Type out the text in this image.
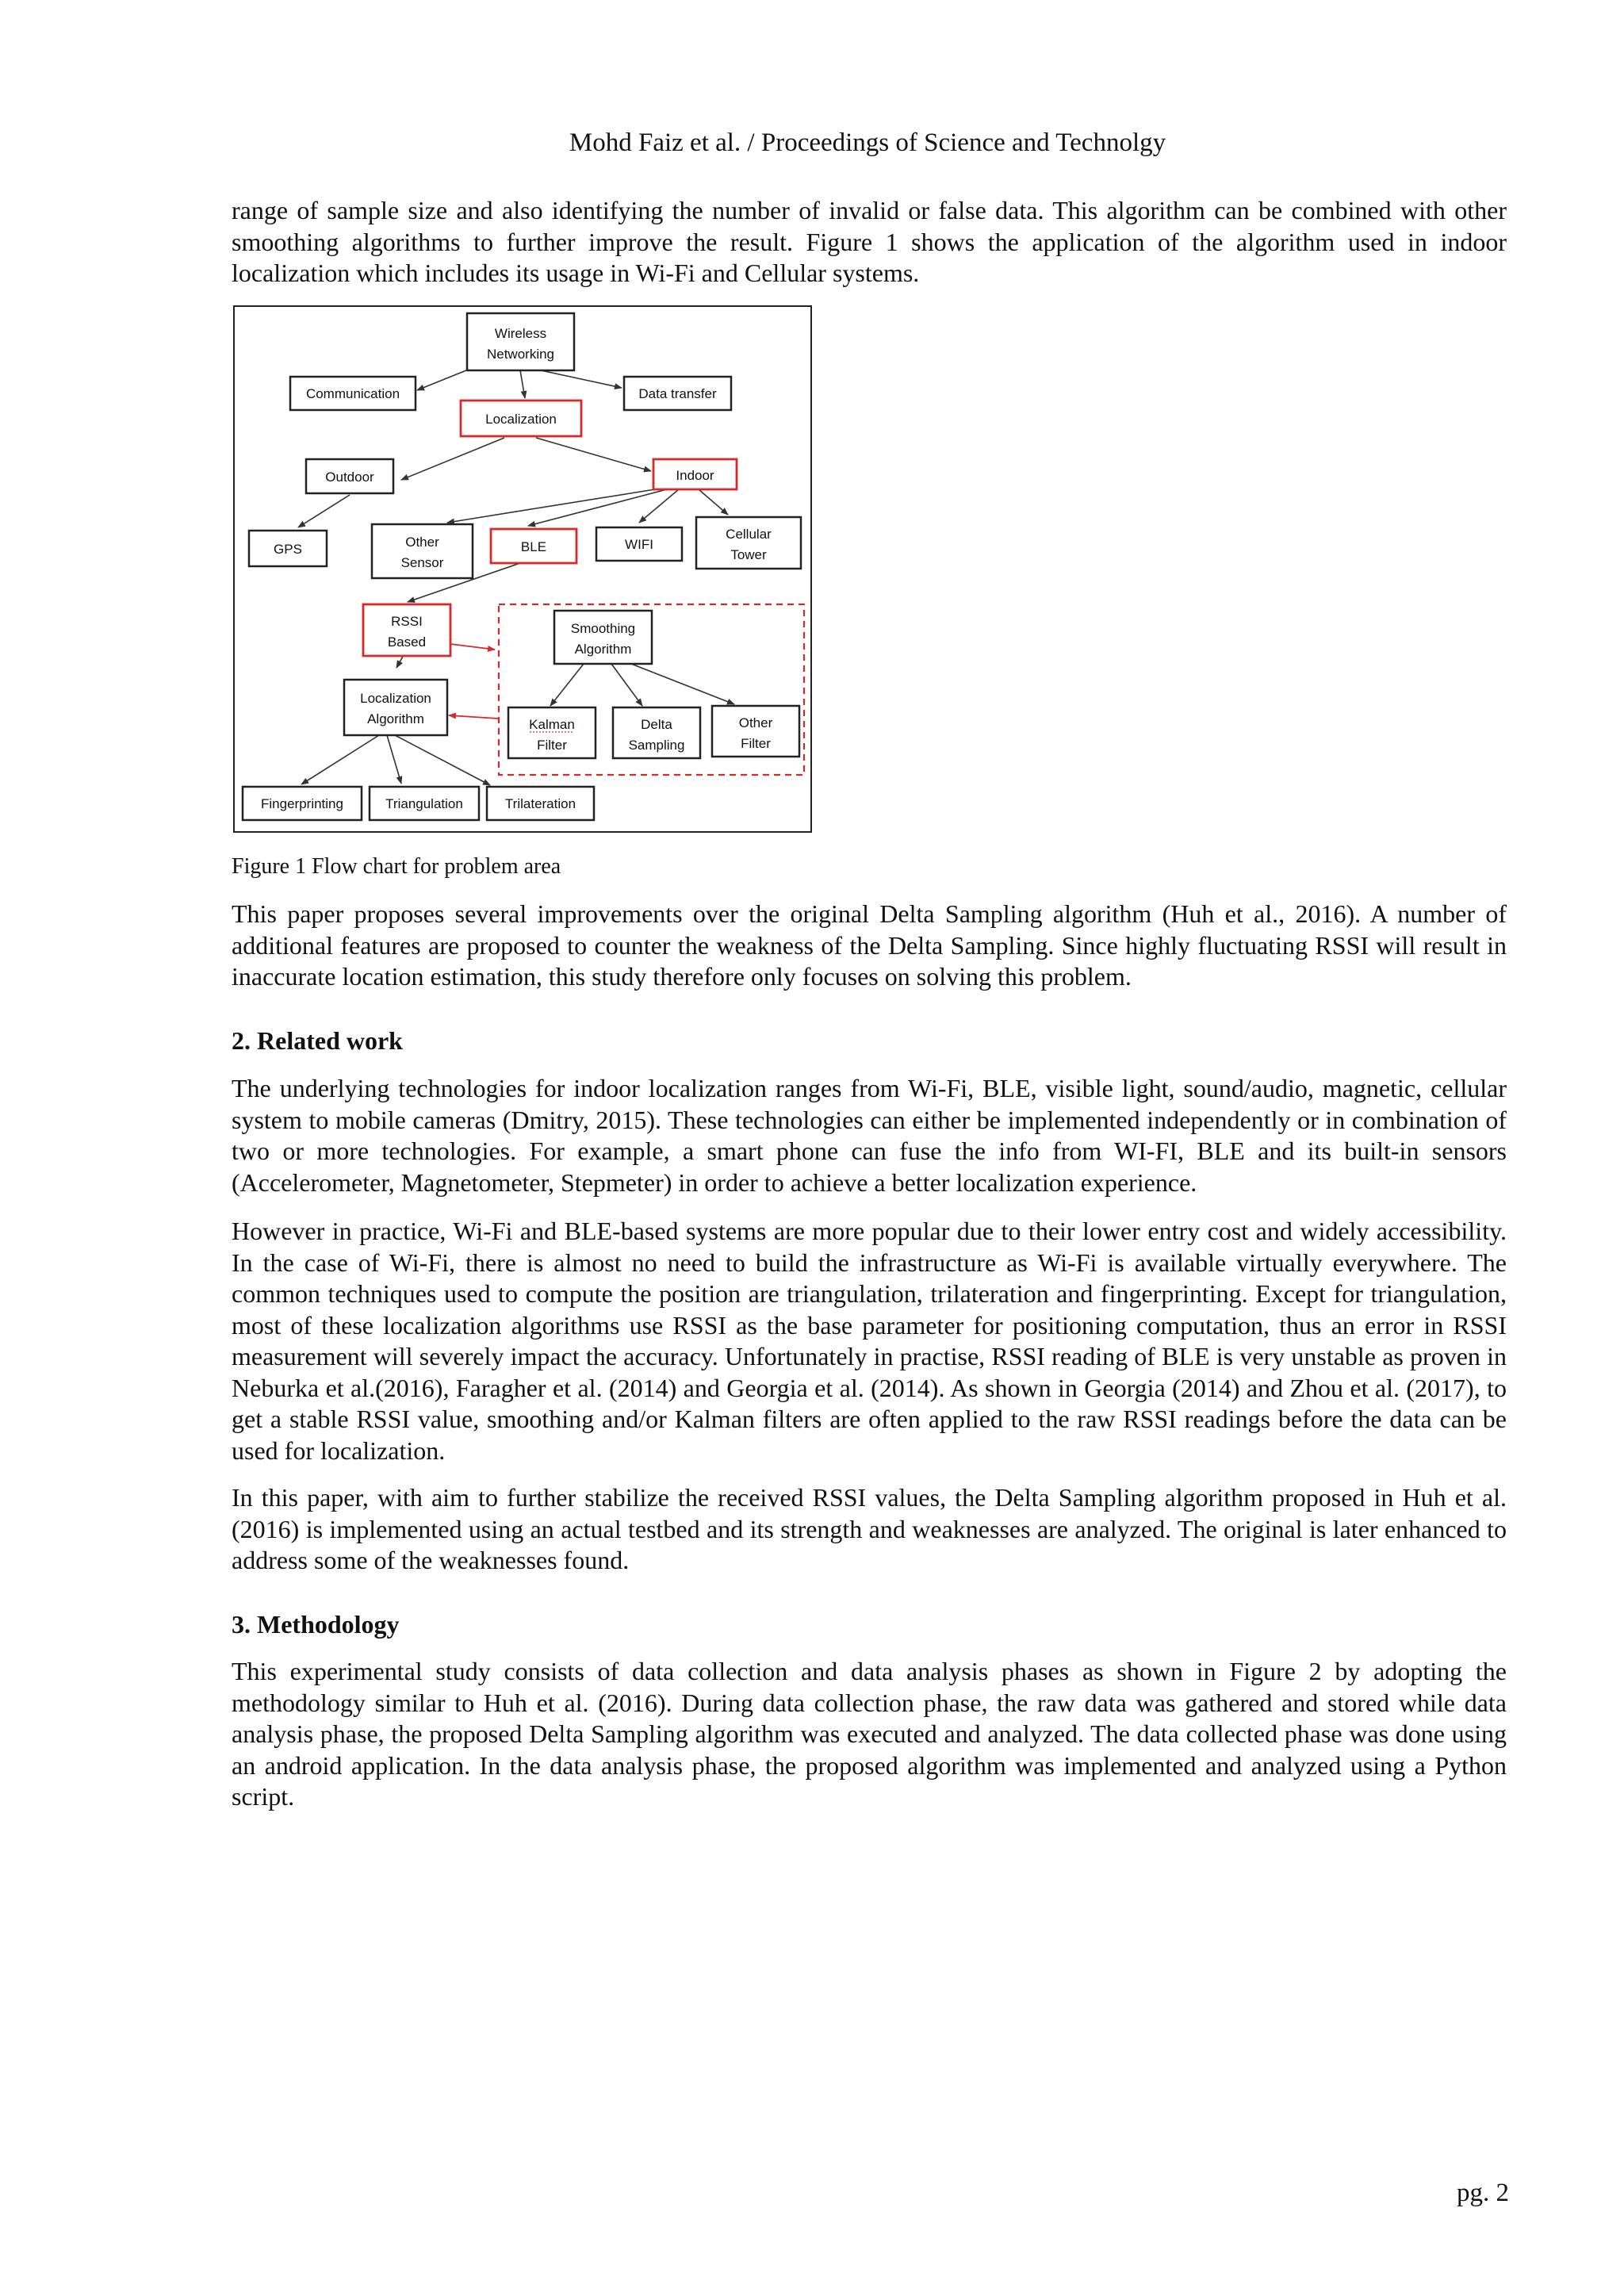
Mohd Faiz et al. / Proceedings of Science and Technolgy

range of sample size and also identifying the number of invalid or false data. This algorithm can be combined with other smoothing algorithms to further improve the result. Figure 1 shows the application of the algorithm used in indoor localization which includes its usage in Wi-Fi and Cellular systems.

Wireless
Networking
Communication	Data transfer
Localization
Outdoor	Indoor
GPS	Other
Sensor
BLE	WIFI
Cellular
Tower
RSSI
Based
Smoothing
Algorithm
Localization
Algorithm	Kalman
Filter
Delta
Sampling
Other
Filter
Fingerprinting	Triangulation	Trilateration
Figure 1 Flow chart for problem area

This paper proposes several improvements over the original Delta Sampling algorithm (Huh et al., 2016). A number of additional features are proposed to counter the weakness of the Delta Sampling. Since highly fluctuating RSSI will result in inaccurate location estimation, this study therefore only focuses on solving this problem.

2. Related work

The underlying technologies for indoor localization ranges from Wi-Fi, BLE, visible light, sound/audio, magnetic, cellular system to mobile cameras (Dmitry, 2015). These technologies can either be implemented independently or in combination of two or more technologies. For example, a smart phone can fuse the info from WI-FI, BLE and its built-in sensors (Accelerometer, Magnetometer, Stepmeter) in order to achieve a better localization experience.

However in practice, Wi-Fi and BLE-based systems are more popular due to their lower entry cost and widely accessibility. In the case of Wi-Fi, there is almost no need to build the infrastructure as Wi-Fi is available virtually everywhere. The common techniques used to compute the position are triangulation, trilateration and fingerprinting. Except for triangulation, most of these localization algorithms use RSSI as the base parameter for positioning computation, thus an error in RSSI measurement will severely impact the accuracy. Unfortunately in practise, RSSI reading of BLE is very unstable as proven in Neburka et al.(2016), Faragher et al. (2014) and Georgia et al. (2014). As shown in Georgia (2014) and Zhou et al. (2017), to get a stable RSSI value, smoothing and/or Kalman filters are often applied to the raw RSSI readings before the data can be used for localization.

In this paper, with aim to further stabilize the received RSSI values, the Delta Sampling algorithm proposed in Huh et al. (2016) is implemented using an actual testbed and its strength and weaknesses are analyzed. The original is later enhanced to address some of the weaknesses found.

3. Methodology

This experimental study consists of data collection and data analysis phases as shown in Figure 2 by adopting the methodology similar to Huh et al. (2016). During data collection phase, the raw data was gathered and stored while data analysis phase, the proposed Delta Sampling algorithm was executed and analyzed. The data collected phase was done using an android application. In the data analysis phase, the proposed algorithm was implemented and analyzed using a Python script.

pg. 2
